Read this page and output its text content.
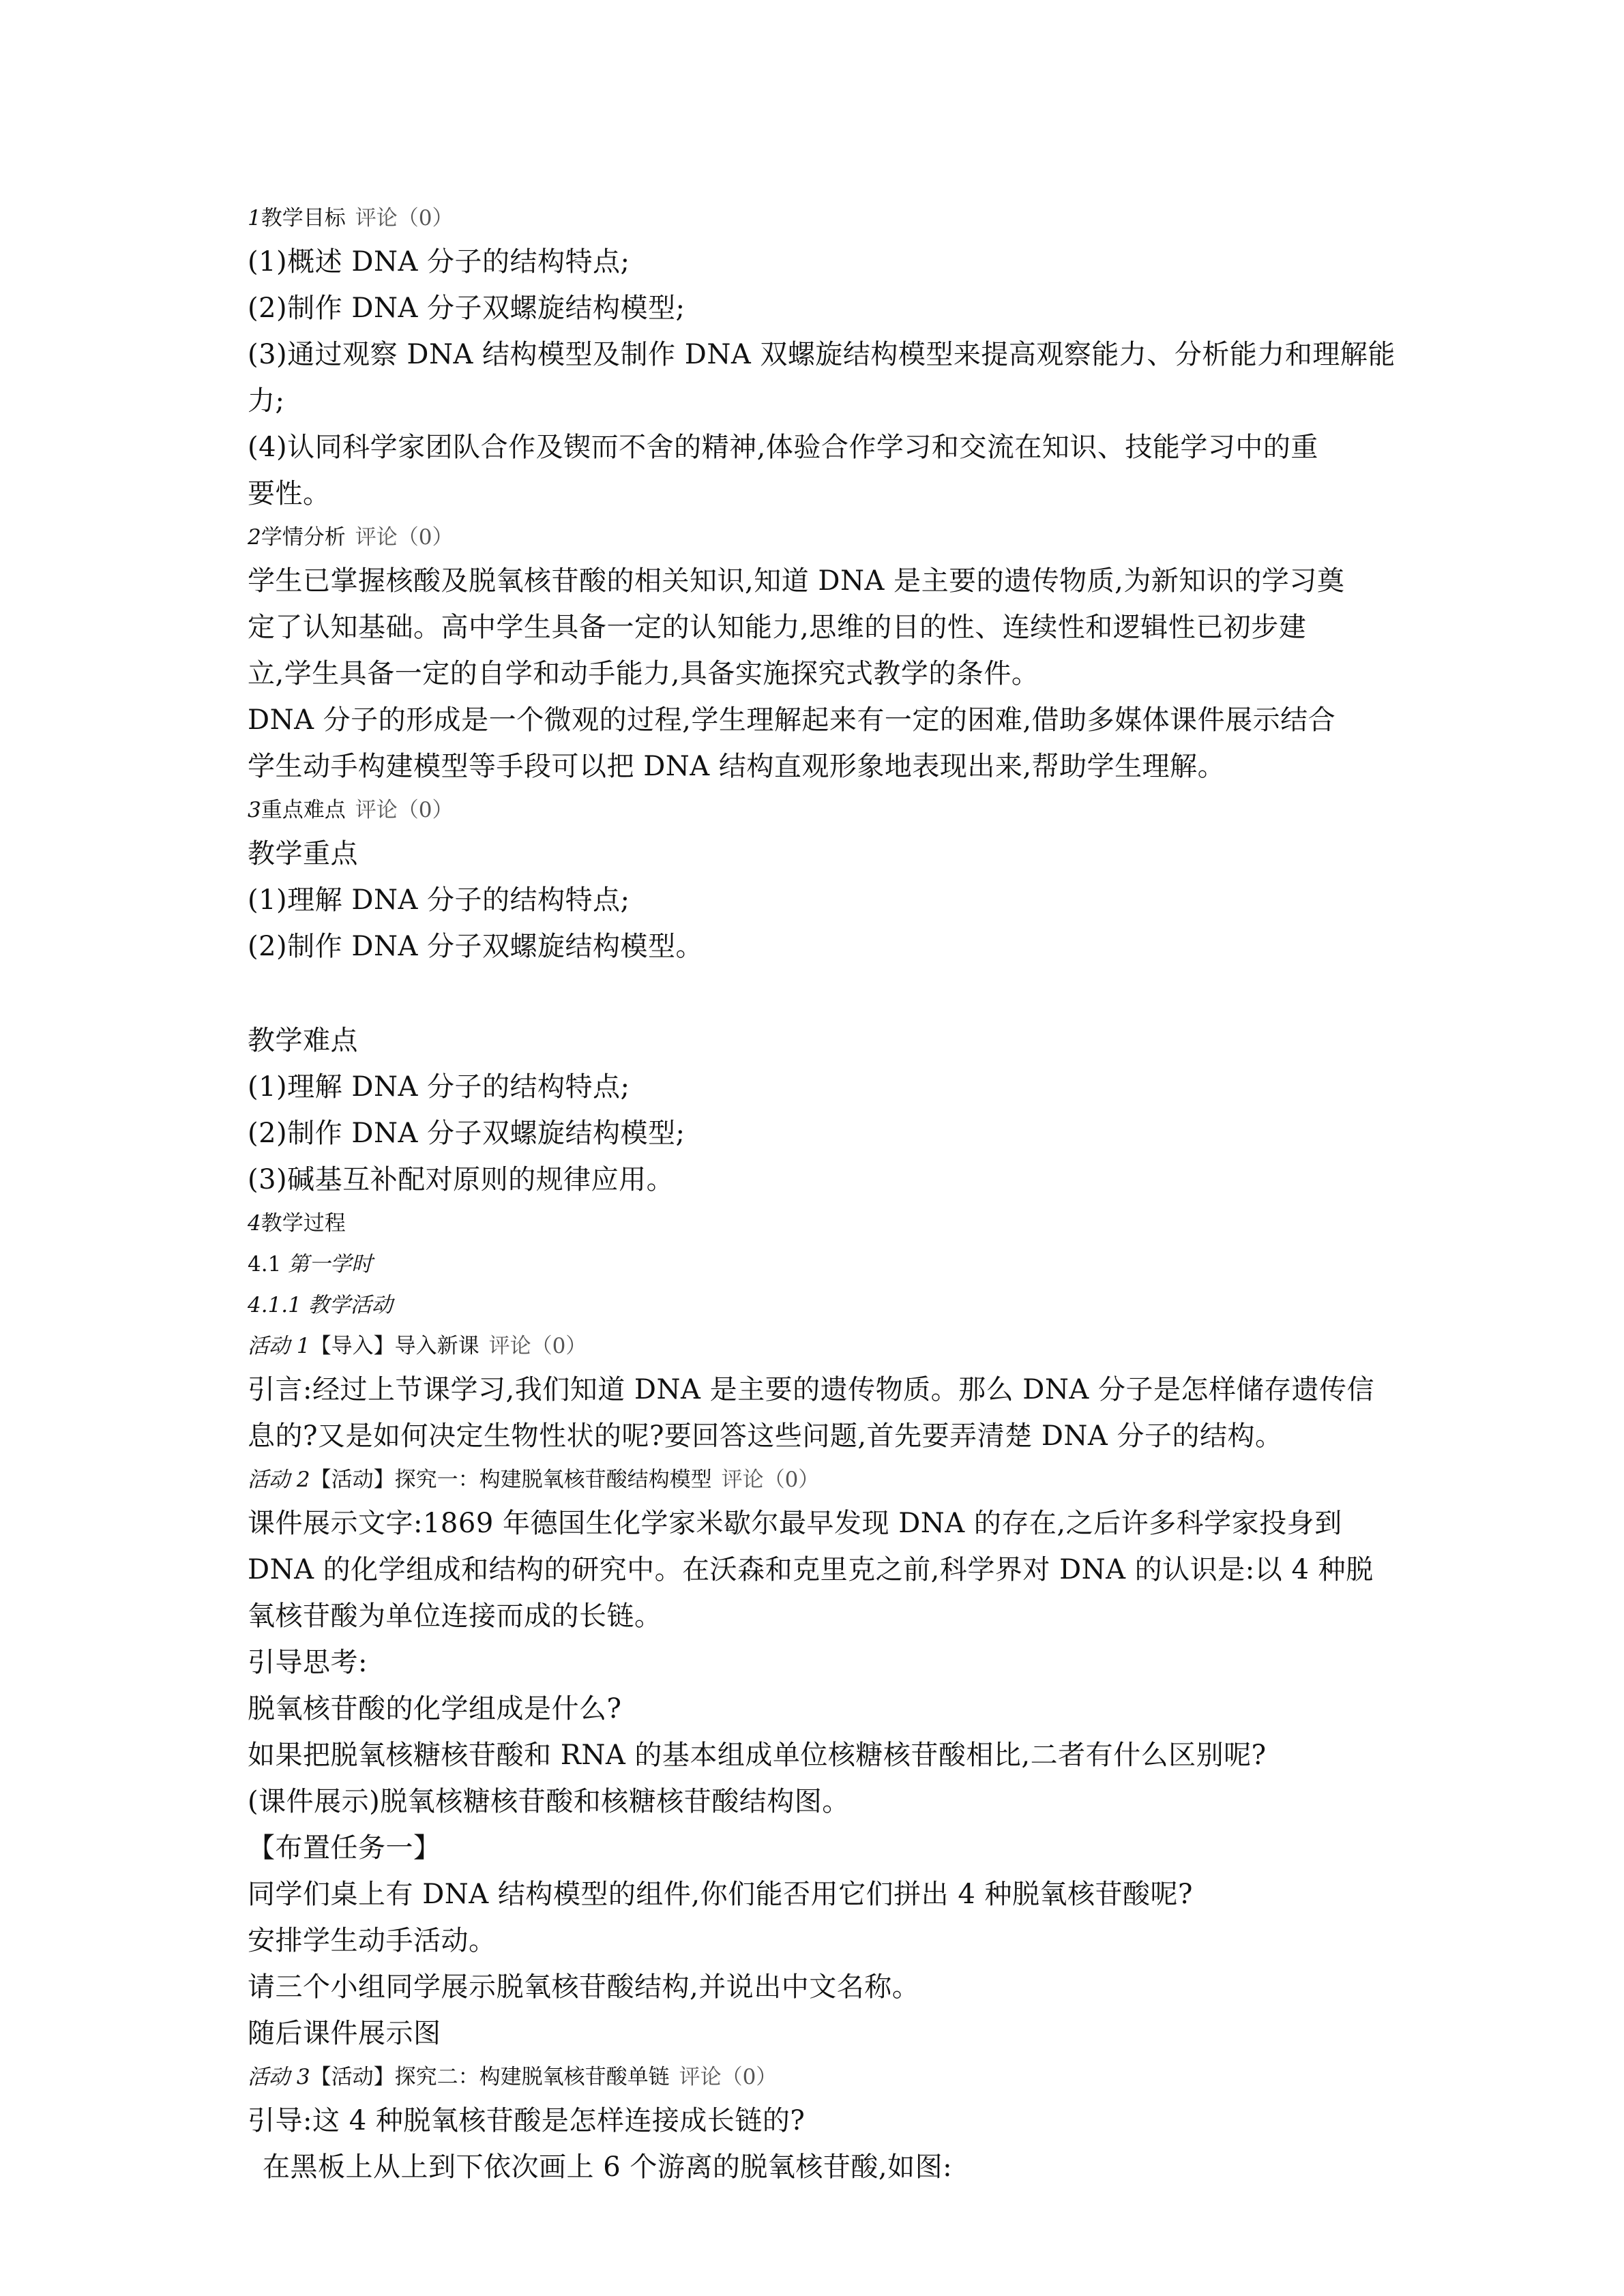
1教学目标 评论（0）
(1)概述 DNA 分子的结构特点;
(2)制作 DNA 分子双螺旋结构模型;
(3)通过观察 DNA 结构模型及制作 DNA 双螺旋结构模型来提高观察能力、分析能力和理解能
力;
(4)认同科学家团队合作及锲而不舍的精神,体验合作学习和交流在知识、技能学习中的重
要性。
2学情分析 评论（0）
学生已掌握核酸及脱氧核苷酸的相关知识,知道 DNA 是主要的遗传物质,为新知识的学习奠
定了认知基础。高中学生具备一定的认知能力,思维的目的性、连续性和逻辑性已初步建
立,学生具备一定的自学和动手能力,具备实施探究式教学的条件。
DNA 分子的形成是一个微观的过程,学生理解起来有一定的困难,借助多媒体课件展示结合
学生动手构建模型等手段可以把 DNA 结构直观形象地表现出来,帮助学生理解。
3重点难点 评论（0）
教学重点
(1)理解 DNA 分子的结构特点;
(2)制作 DNA 分子双螺旋结构模型。
教学难点
(1)理解 DNA 分子的结构特点;
(2)制作 DNA 分子双螺旋结构模型;
(3)碱基互补配对原则的规律应用。
4教学过程
4.1 第一学时
4.1.1 教学活动
活动 1【导入】导入新课 评论（0）
引言:经过上节课学习,我们知道 DNA 是主要的遗传物质。那么 DNA 分子是怎样储存遗传信
息的?又是如何决定生物性状的呢?要回答这些问题,首先要弄清楚 DNA 分子的结构。
活动 2【活动】探究一：构建脱氧核苷酸结构模型 评论（0）
课件展示文字:1869 年德国生化学家米歇尔最早发现 DNA 的存在,之后许多科学家投身到
DNA 的化学组成和结构的研究中。在沃森和克里克之前,科学界对 DNA 的认识是:以 4 种脱
氧核苷酸为单位连接而成的长链。
引导思考:
脱氧核苷酸的化学组成是什么?
如果把脱氧核糖核苷酸和 RNA 的基本组成单位核糖核苷酸相比,二者有什么区别呢?
(课件展示)脱氧核糖核苷酸和核糖核苷酸结构图。
【布置任务一】
同学们桌上有 DNA 结构模型的组件,你们能否用它们拼出 4 种脱氧核苷酸呢?
安排学生动手活动。
请三个小组同学展示脱氧核苷酸结构,并说出中文名称。
随后课件展示图
活动 3【活动】探究二：构建脱氧核苷酸单链 评论（0）
引导:这 4 种脱氧核苷酸是怎样连接成长链的?
在黑板上从上到下依次画上 6 个游离的脱氧核苷酸,如图:
